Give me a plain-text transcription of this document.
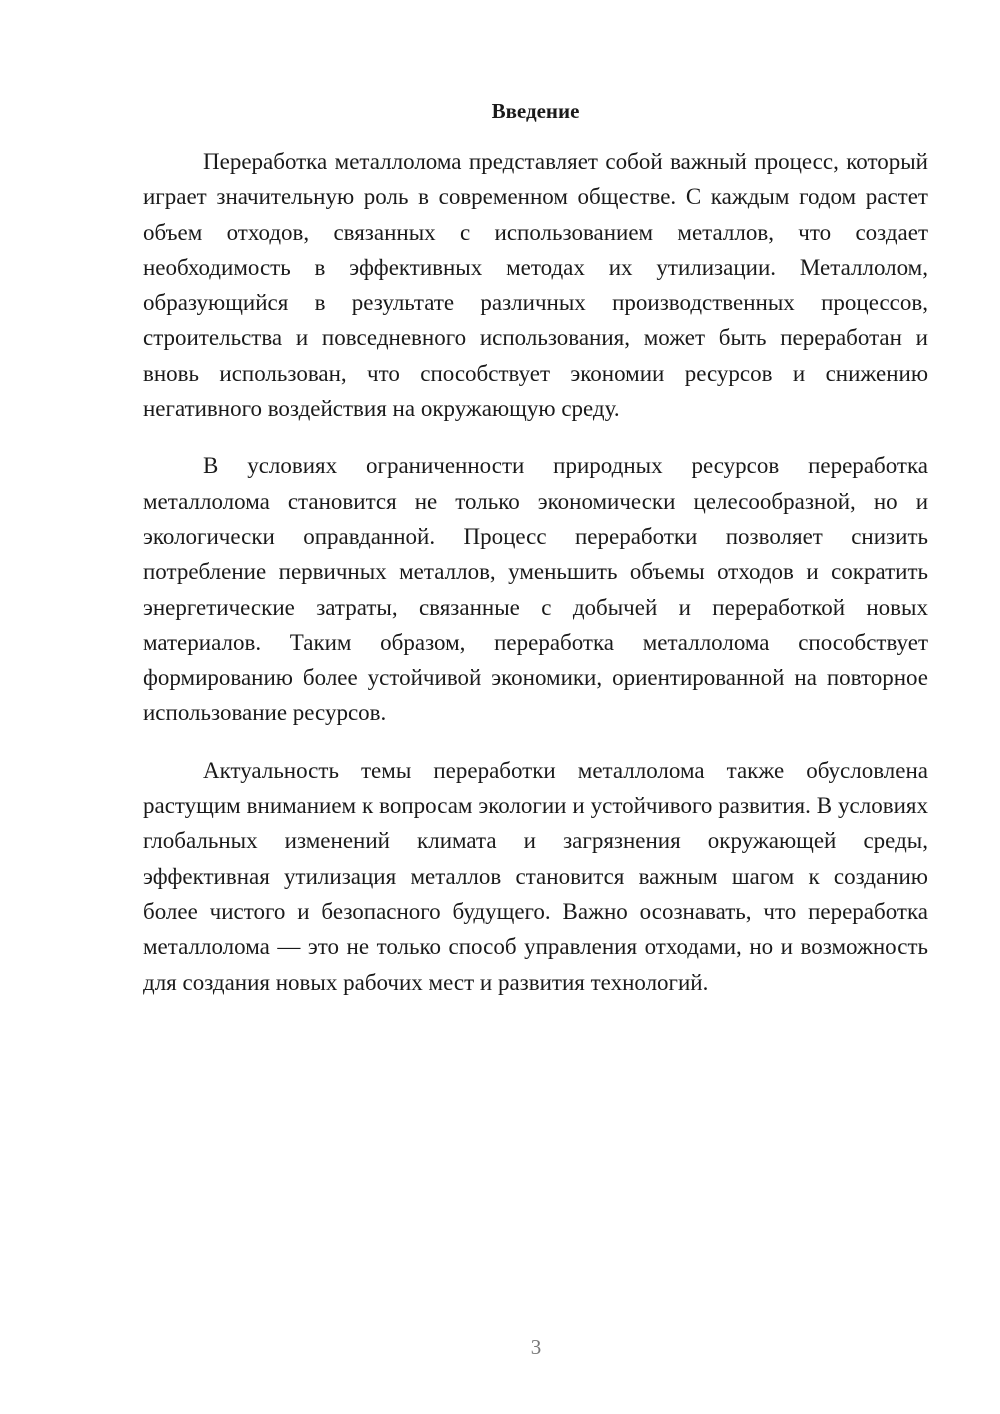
Введение

Переработка металлолома представляет собой важный процесс, который играет значительную роль в современном обществе. С каждым годом растет объем отходов, связанных с использованием металлов, что создает необходимость в эффективных методах их утилизации. Металлолом, образующийся в результате различных производственных процессов, строительства и повседневного использования, может быть переработан и вновь использован, что способствует экономии ресурсов и снижению негативного воздействия на окружающую среду.

В условиях ограниченности природных ресурсов переработка металлолома становится не только экономически целесообразной, но и экологически оправданной. Процесс переработки позволяет снизить потребление первичных металлов, уменьшить объемы отходов и сократить энергетические затраты, связанные с добычей и переработкой новых материалов. Таким образом, переработка металлолома способствует формированию более устойчивой экономики, ориентированной на повторное использование ресурсов.

Актуальность темы переработки металлолома также обусловлена растущим вниманием к вопросам экологии и устойчивого развития. В условиях глобальных изменений климата и загрязнения окружающей среды, эффективная утилизация металлов становится важным шагом к созданию более чистого и безопасного будущего. Важно осознавать, что переработка металлолома — это не только способ управления отходами, но и возможность для создания новых рабочих мест и развития технологий.

3
